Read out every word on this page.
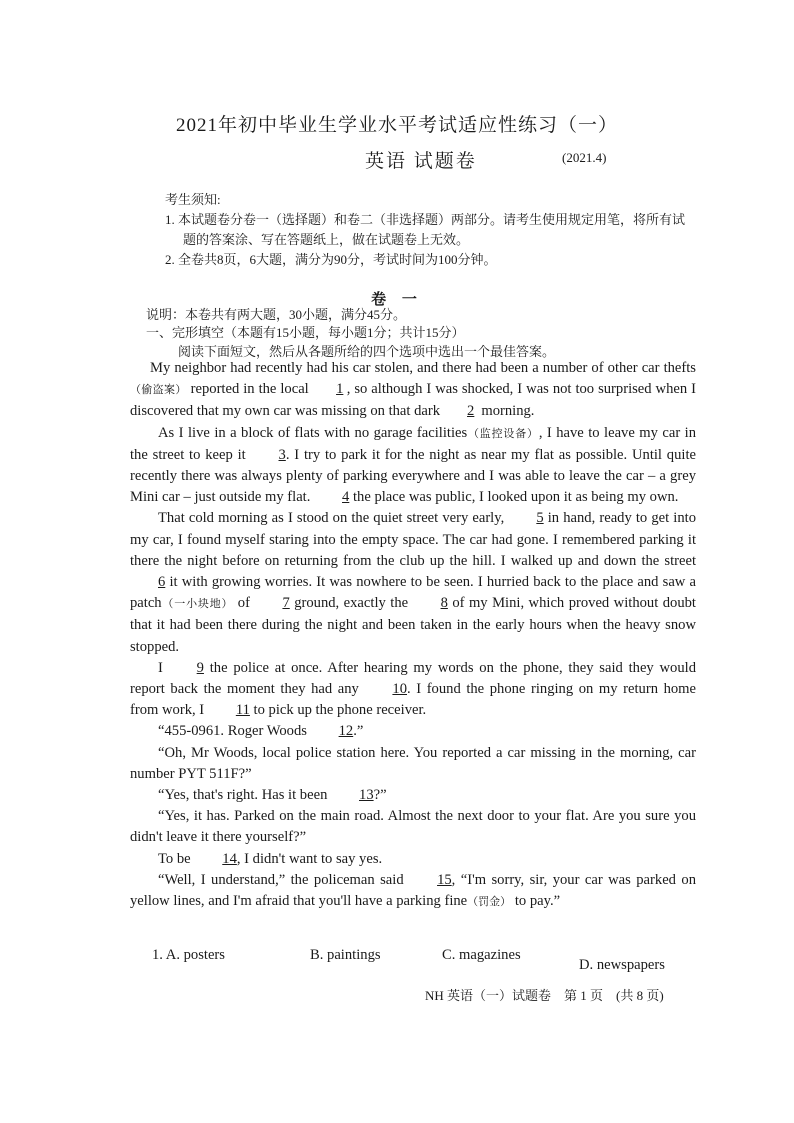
2021年初中毕业生学业水平考试适应性练习（一）
英语 试题卷	(2021.4)

考生须知:

1. 本试题卷分卷一（选择题）和卷二（非选择题）两部分。请考生使用规定用笔，将所有试

题的答案涂、写在答题纸上，做在试题卷上无效。

2. 全卷共8页，6大题，满分为90分，考试时间为100分钟。

卷 一
说明：本卷共有两大题，30小题，满分45分。
一、完形填空（本题有15小题，每小题1分；共计15分）
阅读下面短文，然后从各题所给的四个选项中选出一个最佳答案。

My neighbor had recently had his car stolen, and there had been a number of other car thefts（偷盗案） reported in the local 1 , so although I was shocked, I was not too surprised when I discovered that my own car was missing on that dark 2 morning.

As I live in a block of flats with no garage facilities（监控设备）, I have to leave my car in the street to keep it 3. I try to park it for the night as near my flat as possible. Until quite recently there was always plenty of parking everywhere and I was able to leave the car – a grey Mini car – just outside my flat. 4 the place was public, I looked upon it as being my own.

That cold morning as I stood on the quiet street very early, 5 in hand, ready to get into my car, I found myself staring into the empty space. The car had gone. I remembered parking it there the night before on returning from the club up the hill. I walked up and down the street 6 it with growing worries. It was nowhere to be seen. I hurried back to the place and saw a patch（一小块地） of 7 ground, exactly the 8 of my Mini, which proved without doubt that it had been there during the night and been taken in the early hours when the heavy snow stopped.

I 9 the police at once. After hearing my words on the phone, they said they would report back the moment they had any 10. I found the phone ringing on my return home from work, I 11 to pick up the phone receiver.

“455-0961. Roger Woods 12.”

“Oh, Mr Woods, local police station here. You reported a car missing in the morning, car number PYT 511F?”

“Yes, that's right. Has it been 13?”

“Yes, it has. Parked on the main road. Almost the next door to your flat. Are you sure you didn't leave it there yourself?”

To be 14, I didn't want to say yes.

“Well, I understand,” the policeman said 15, “I'm sorry, sir, your car was parked on yellow lines, and I'm afraid that you'll have a parking fine（罚金） to pay.”

1. A. posters	B. paintings	C. magazines
D. newspapers
NH 英语（一）试题卷　第 1 页　(共 8 页)
